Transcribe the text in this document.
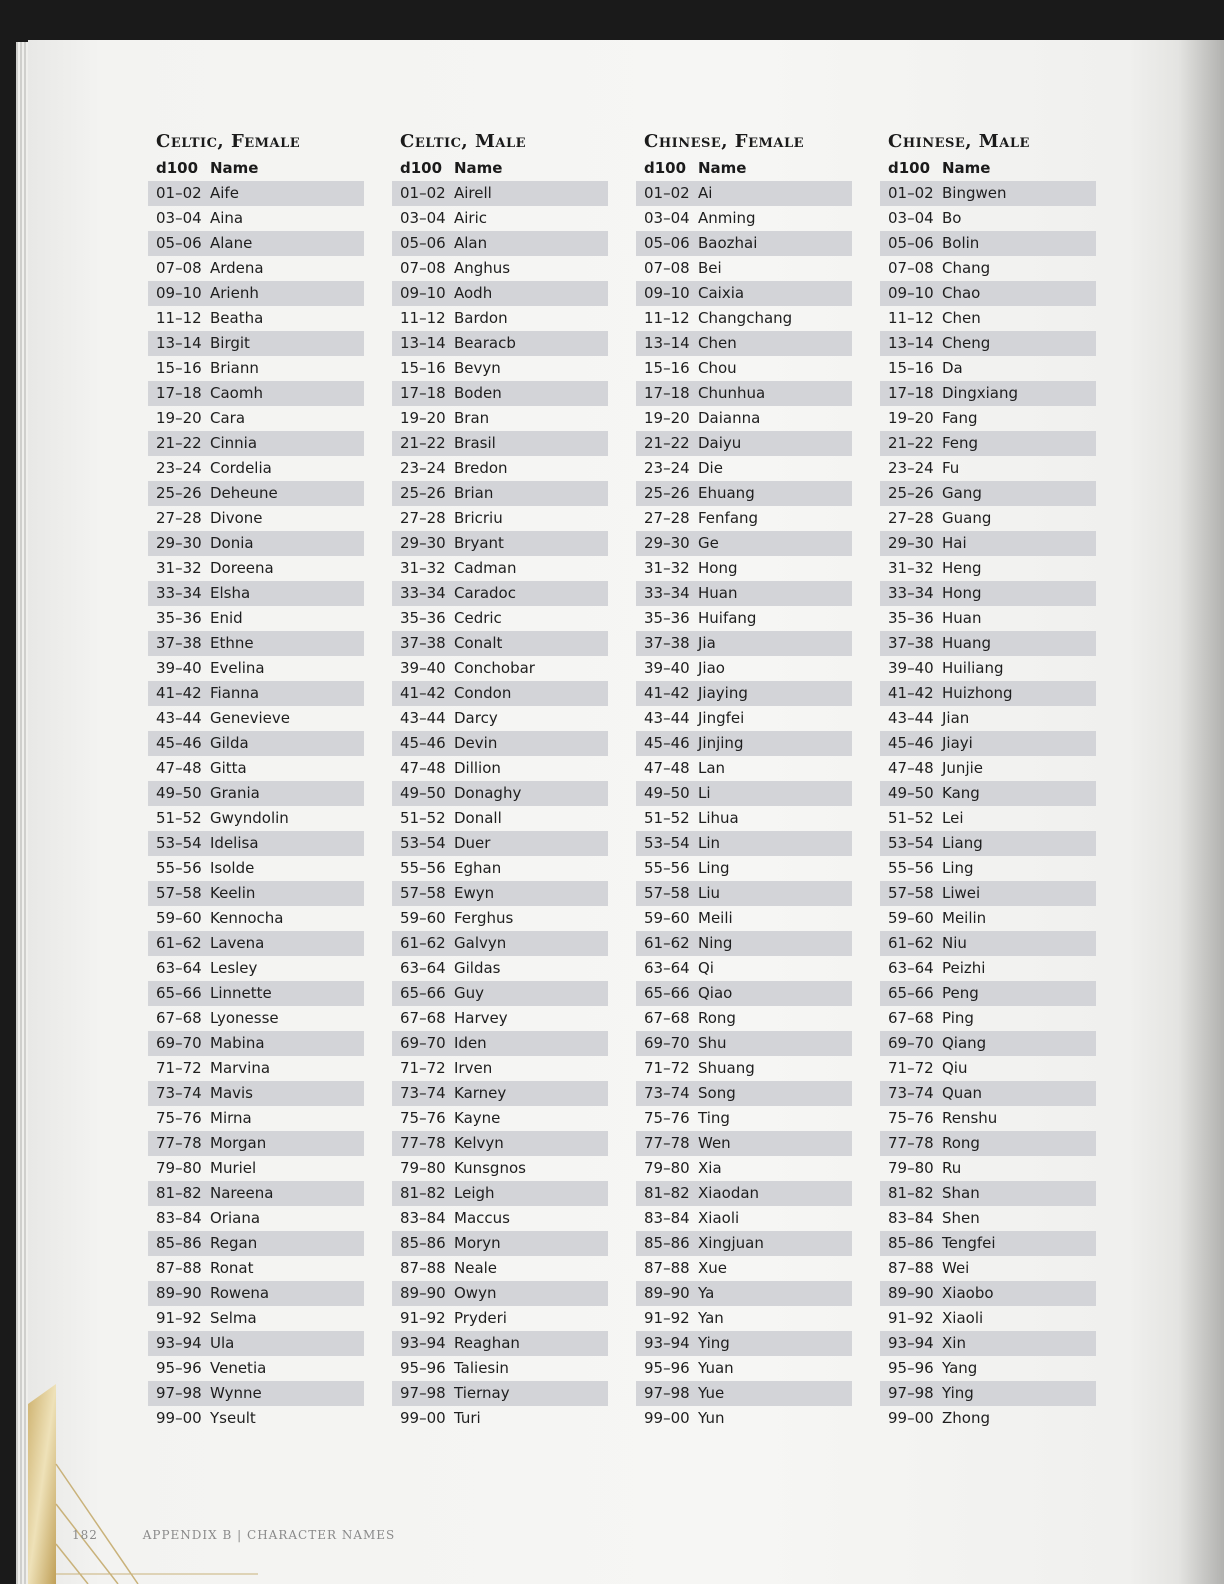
Celtic, Female
d100 Name
01–02 Aife
03–04 Aina
05–06 Alane
07–08 Ardena
09–10 Arienh
11–12 Beatha
13–14 Birgit
15–16 Briann
17–18 Caomh
19–20 Cara
21–22 Cinnia
23–24 Cordelia
25–26 Deheune
27–28 Divone
29–30 Donia
31–32 Doreena
33–34 Elsha
35–36 Enid
37–38 Ethne
39–40 Evelina
41–42 Fianna
43–44 Genevieve
45–46 Gilda
47–48 Gitta
49–50 Grania
51–52 Gwyndolin
53–54 Idelisa
55–56 Isolde
57–58 Keelin
59–60 Kennocha
61–62 Lavena
63–64 Lesley
65–66 Linnette
67–68 Lyonesse
69–70 Mabina
71–72 Marvina
73–74 Mavis
75–76 Mirna
77–78 Morgan
79–80 Muriel
81–82 Nareena
83–84 Oriana
85–86 Regan
87–88 Ronat
89–90 Rowena
91–92 Selma
93–94 Ula
95–96 Venetia
97–98 Wynne
99–00 Yseult
Celtic, Male
d100 Name
01–02 Airell
03–04 Airic
05–06 Alan
07–08 Anghus
09–10 Aodh
11–12 Bardon
13–14 Bearacb
15–16 Bevyn
17–18 Boden
19–20 Bran
21–22 Brasil
23–24 Bredon
25–26 Brian
27–28 Bricriu
29–30 Bryant
31–32 Cadman
33–34 Caradoc
35–36 Cedric
37–38 Conalt
39–40 Conchobar
41–42 Condon
43–44 Darcy
45–46 Devin
47–48 Dillion
49–50 Donaghy
51–52 Donall
53–54 Duer
55–56 Eghan
57–58 Ewyn
59–60 Ferghus
61–62 Galvyn
63–64 Gildas
65–66 Guy
67–68 Harvey
69–70 Iden
71–72 Irven
73–74 Karney
75–76 Kayne
77–78 Kelvyn
79–80 Kunsgnos
81–82 Leigh
83–84 Maccus
85–86 Moryn
87–88 Neale
89–90 Owyn
91–92 Pryderi
93–94 Reaghan
95–96 Taliesin
97–98 Tiernay
99–00 Turi
Chinese, Female
d100 Name
01–02 Ai
03–04 Anming
05–06 Baozhai
07–08 Bei
09–10 Caixia
11–12 Changchang
13–14 Chen
15–16 Chou
17–18 Chunhua
19–20 Daianna
21–22 Daiyu
23–24 Die
25–26 Ehuang
27–28 Fenfang
29–30 Ge
31–32 Hong
33–34 Huan
35–36 Huifang
37–38 Jia
39–40 Jiao
41–42 Jiaying
43–44 Jingfei
45–46 Jinjing
47–48 Lan
49–50 Li
51–52 Lihua
53–54 Lin
55–56 Ling
57–58 Liu
59–60 Meili
61–62 Ning
63–64 Qi
65–66 Qiao
67–68 Rong
69–70 Shu
71–72 Shuang
73–74 Song
75–76 Ting
77–78 Wen
79–80 Xia
81–82 Xiaodan
83–84 Xiaoli
85–86 Xingjuan
87–88 Xue
89–90 Ya
91–92 Yan
93–94 Ying
95–96 Yuan
97–98 Yue
99–00 Yun
Chinese, Male
d100 Name
01–02 Bingwen
03–04 Bo
05–06 Bolin
07–08 Chang
09–10 Chao
11–12 Chen
13–14 Cheng
15–16 Da
17–18 Dingxiang
19–20 Fang
21–22 Feng
23–24 Fu
25–26 Gang
27–28 Guang
29–30 Hai
31–32 Heng
33–34 Hong
35–36 Huan
37–38 Huang
39–40 Huiliang
41–42 Huizhong
43–44 Jian
45–46 Jiayi
47–48 Junjie
49–50 Kang
51–52 Lei
53–54 Liang
55–56 Ling
57–58 Liwei
59–60 Meilin
61–62 Niu
63–64 Peizhi
65–66 Peng
67–68 Ping
69–70 Qiang
71–72 Qiu
73–74 Quan
75–76 Renshu
77–78 Rong
79–80 Ru
81–82 Shan
83–84 Shen
85–86 Tengfei
87–88 Wei
89–90 Xiaobo
91–92 Xiaoli
93–94 Xin
95–96 Yang
97–98 Ying
99–00 Zhong
182	APPENDIX B | CHARACTER NAMES
